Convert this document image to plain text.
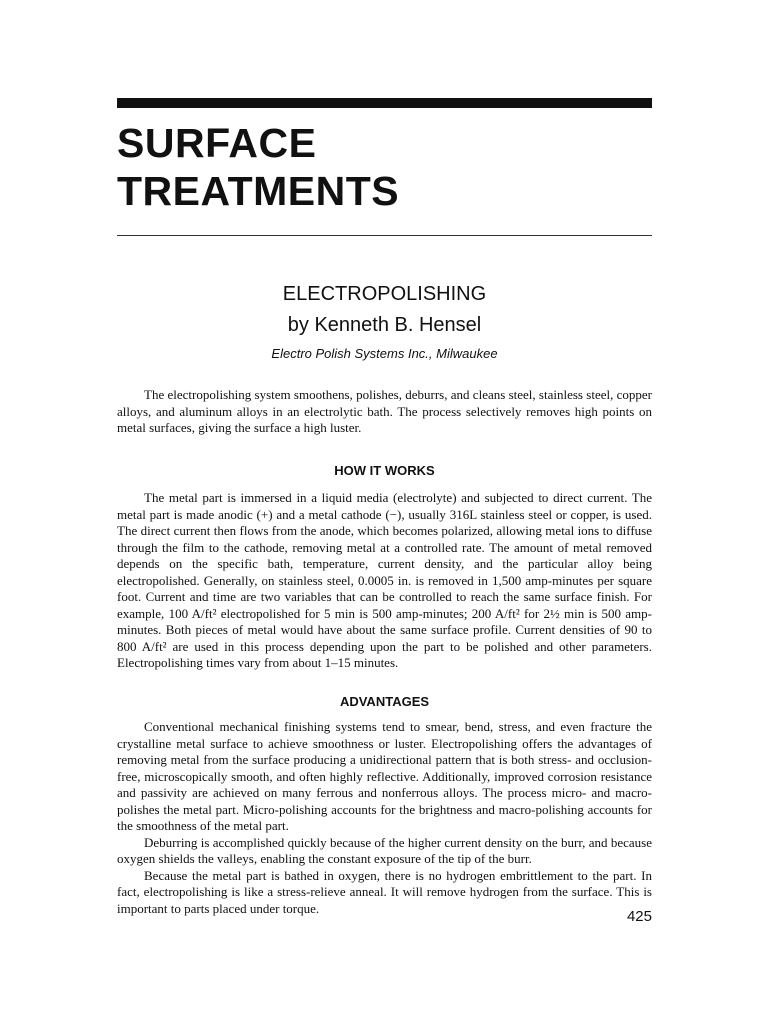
SURFACE
TREATMENTS
ELECTROPOLISHING
by Kenneth B. Hensel
Electro Polish Systems Inc., Milwaukee

The electropolishing system smoothens, polishes, deburrs, and cleans steel, stainless steel, copper alloys, and aluminum alloys in an electrolytic bath. The process selectively removes high points on metal surfaces, giving the surface a high luster.

HOW IT WORKS

The metal part is immersed in a liquid media (electrolyte) and subjected to direct current. The metal part is made anodic (+) and a metal cathode (−), usually 316L stainless steel or copper, is used. The direct current then flows from the anode, which becomes polarized, allowing metal ions to diffuse through the film to the cathode, removing metal at a controlled rate. The amount of metal removed depends on the specific bath, temperature, current density, and the particular alloy being electropolished. Generally, on stainless steel, 0.0005 in. is removed in 1,500 amp-minutes per square foot. Current and time are two variables that can be controlled to reach the same surface finish. For example, 100 A/ft² electropolished for 5 min is 500 amp-minutes; 200 A/ft² for 2½ min is 500 amp-minutes. Both pieces of metal would have about the same surface profile. Current densities of 90 to 800 A/ft² are used in this process depending upon the part to be polished and other parameters. Electropolishing times vary from about 1–15 minutes.

ADVANTAGES

Conventional mechanical finishing systems tend to smear, bend, stress, and even fracture the crystalline metal surface to achieve smoothness or luster. Electropolishing offers the advantages of removing metal from the surface producing a unidirectional pattern that is both stress- and occlusion-free, microscopically smooth, and often highly reflective. Additionally, improved corrosion resistance and passivity are achieved on many ferrous and nonferrous alloys. The process micro- and macro-polishes the metal part. Micro-polishing accounts for the brightness and macro-polishing accounts for the smoothness of the metal part.

Deburring is accomplished quickly because of the higher current density on the burr, and because oxygen shields the valleys, enabling the constant exposure of the tip of the burr.

Because the metal part is bathed in oxygen, there is no hydrogen embrittlement to the part. In fact, electropolishing is like a stress-relieve anneal. It will remove hydrogen from the surface. This is important to parts placed under torque.	425
